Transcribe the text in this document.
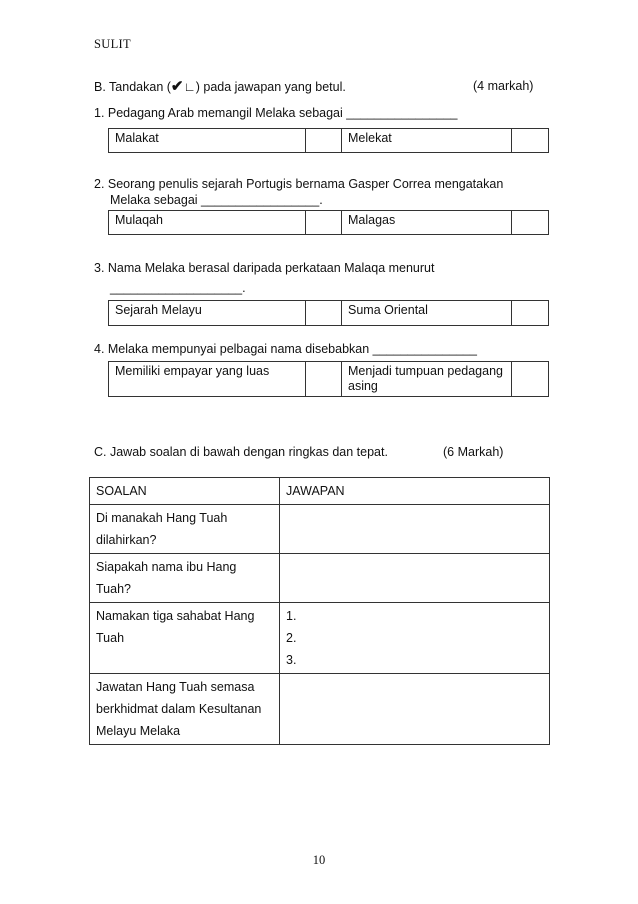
SULIT
B. Tandakan (✔∟) pada jawapan yang betul.	(4 markah)
1. Pedagang Arab memangil Melaka sebagai ________________
Malakat		Melekat	
2. Seorang penulis sejarah Portugis bernama Gasper Correa mengatakan
Melaka sebagai _________________.
Mulaqah		Malagas	
3. Nama Melaka berasal daripada perkataan Malaqa menurut
___________________.
Sejarah Melayu		Suma Oriental	
4. Melaka mempunyai pelbagai nama disebabkan _______________
Memiliki empayar yang luas		Menjadi tumpuan pedagang asing	
C. Jawab soalan di bawah dengan ringkas dan tepat.	(6 Markah)
SOALAN	JAWAPAN
Di manakah Hang Tuah dilahirkan?	
Siapakah nama ibu Hang Tuah?	
Namakan tiga sahabat Hang Tuah	1.
2.
3.

Jawatan Hang Tuah semasa berkhidmat dalam Kesultanan Melayu Melaka	
10
